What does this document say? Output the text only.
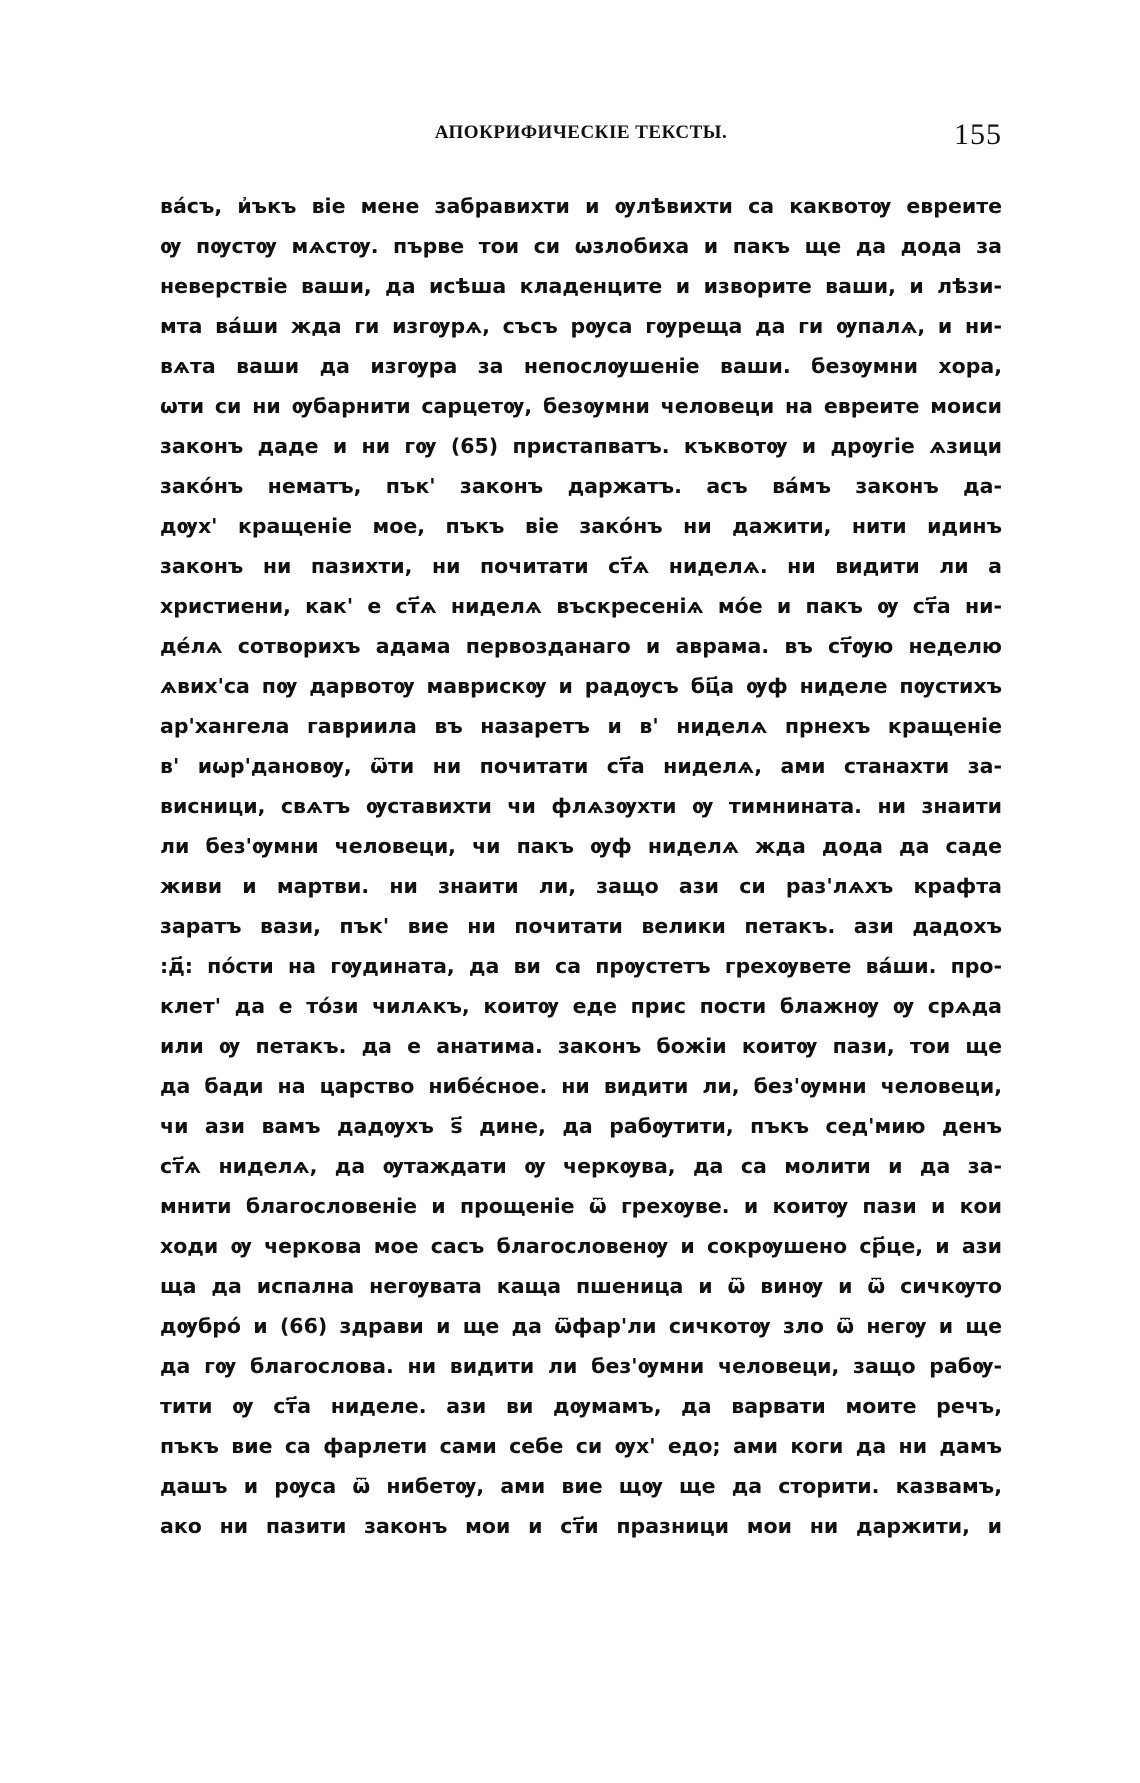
АПОКРИФИЧЕСКІЕ ТЕКСТЫ.	155
ва́съ, и҆ъкъ віе мене забравихти и ѹлѣвихти са каквотѹ евреите
ѹ пѹстѹ мѧстѹ. първе тои си ѡзлобиха и пакъ ще да дода за
неверствіе ваши, да исѣша кладенците и изворите ваши, и лѣзи-
мта ва́ши жда ги изгѹрѧ, съсъ рѹса гѹреща да ги ѹпалѧ, и ни-
вѧта ваши да изгѹра за непослѹшеніе ваши. безѹмни хора,
ѡти си ни ѹбарнити сарцетѹ, безѹмни человеци на евреите моиси
законъ даде и ни гѹ (65) пристапватъ. къквотѹ и дрѹгіе ѧзици
зако́нъ нематъ, пък' законъ даржатъ. асъ ва́мъ законъ да-
дѹх' кращеніе мое, пъкъ віе зако́нъ ни дажити, нити идинъ
законъ ни пазихти, ни почитати ст҃ѧ ниделѧ. ни видити ли а
христиени, как' е ст҃ѧ ниделѧ въскресеніѧ мо́е и пакъ ѹ ст҃а ни-
де́лѧ сотворихъ адама первозданаго и аврама. въ ст҃ѹю неделю
ѧвих'са пѹ дарвотѹ маврискѹ и радѹсъ бц҃а ѹф ниделе пѹстихъ
ар'хангела гавриила въ назаретъ и в' ниделѧ прнехъ кращеніе
в' иѡр'дановѹ, ѿти ни почитати ст҃а ниделѧ, ами станахти за-
висници, свѧтъ ѹставихти чи флѧзѹхти ѹ тимнината. ни знаити
ли без'ѹмни человеци, чи пакъ ѹф ниделѧ жда дода да саде
живи и мартви. ни знаити ли, защо ази си раз'лѧхъ крафта
заратъ вази, пък' вие ни почитати велики петакъ. ази дадохъ
:д҃: по́сти на гѹдината, да ви са прѹстетъ грехѹвете ва́ши. про-
клет' да е то́зи чилѧкъ, коитѹ еде прис пости блажнѹ ѹ срѧда
или ѹ петакъ. да е анатима. законъ божіи коитѹ пази, тои ще
да бади на царство нибе́сное. ни видити ли, без'ѹмни человеци,
чи ази вамъ дадѹхъ ѕ҃ дине, да рабѹтити, пъкъ сед'мию денъ
ст҃ѧ ниделѧ, да ѹтаждати ѹ черкѹва, да са молити и да за-
мнити благословеніе и прощеніе ѿ грехѹве. и коитѹ пази и кои
ходи ѹ черкова мое сасъ благословенѹ и сокрѹшено ср҃це, и ази
ща да испална негѹвата каща пшеница и ѿ винѹ и ѿ сичкѹто
дѹбро́ и (66) здрави и ще да ѿфар'ли сичкотѹ зло ѿ негѹ и ще
да гѹ благослова. ни видити ли без'ѹмни человеци, защо рабѹ-
тити ѹ ст҃а ниделе. ази ви дѹмамъ, да варвати моите речъ,
пъкъ вие са фарлети сами себе си ѹх' едо; ами коги да ни дамъ
дашъ и рѹса ѿ нибетѹ, ами вие щѹ ще да сторити. казвамъ,
ако ни пазити законъ мои и ст҃и празници мои ни даржити, и
